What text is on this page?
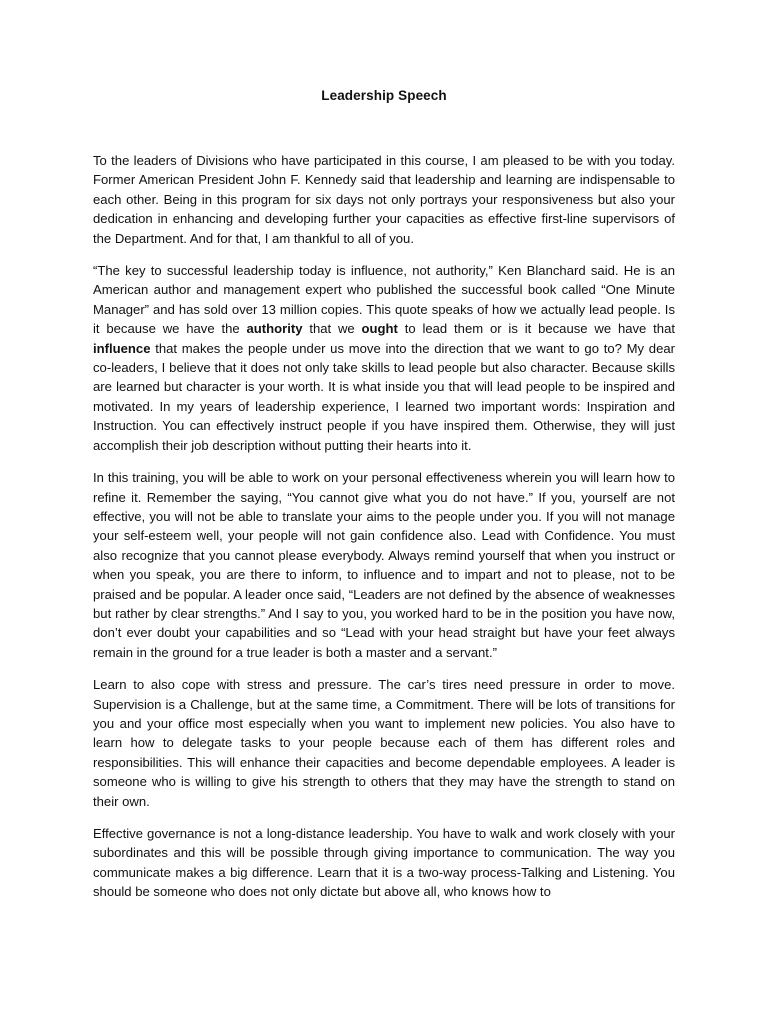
Leadership Speech

To the leaders of Divisions who have participated in this course, I am pleased to be with you today. Former American President John F. Kennedy said that leadership and learning are indispensable to each other. Being in this program for six days not only portrays your responsiveness but also your dedication in enhancing and developing further your capacities as effective first-line supervisors of the Department. And for that, I am thankful to all of you.

“The key to successful leadership today is influence, not authority,” Ken Blanchard said. He is an American author and management expert who published the successful book called “One Minute Manager” and has sold over 13 million copies. This quote speaks of how we actually lead people. Is it because we have the authority that we ought to lead them or is it because we have that influence that makes the people under us move into the direction that we want to go to? My dear co-leaders, I believe that it does not only take skills to lead people but also character. Because skills are learned but character is your worth. It is what inside you that will lead people to be inspired and motivated. In my years of leadership experience, I learned two important words: Inspiration and Instruction. You can effectively instruct people if you have inspired them. Otherwise, they will just accomplish their job description without putting their hearts into it.

In this training, you will be able to work on your personal effectiveness wherein you will learn how to refine it. Remember the saying, “You cannot give what you do not have.” If you, yourself are not effective, you will not be able to translate your aims to the people under you. If you will not manage your self-esteem well, your people will not gain confidence also. Lead with Confidence. You must also recognize that you cannot please everybody. Always remind yourself that when you instruct or when you speak, you are there to inform, to influence and to impart and not to please, not to be praised and be popular. A leader once said, “Leaders are not defined by the absence of weaknesses but rather by clear strengths.” And I say to you, you worked hard to be in the position you have now, don’t ever doubt your capabilities and so “Lead with your head straight but have your feet always remain in the ground for a true leader is both a master and a servant.”

Learn to also cope with stress and pressure. The car’s tires need pressure in order to move. Supervision is a Challenge, but at the same time, a Commitment. There will be lots of transitions for you and your office most especially when you want to implement new policies. You also have to learn how to delegate tasks to your people because each of them has different roles and responsibilities. This will enhance their capacities and become dependable employees. A leader is someone who is willing to give his strength to others that they may have the strength to stand on their own.

Effective governance is not a long-distance leadership. You have to walk and work closely with your subordinates and this will be possible through giving importance to communication. The way you communicate makes a big difference. Learn that it is a two-way process-Talking and Listening. You should be someone who does not only dictate but above all, who knows how to
